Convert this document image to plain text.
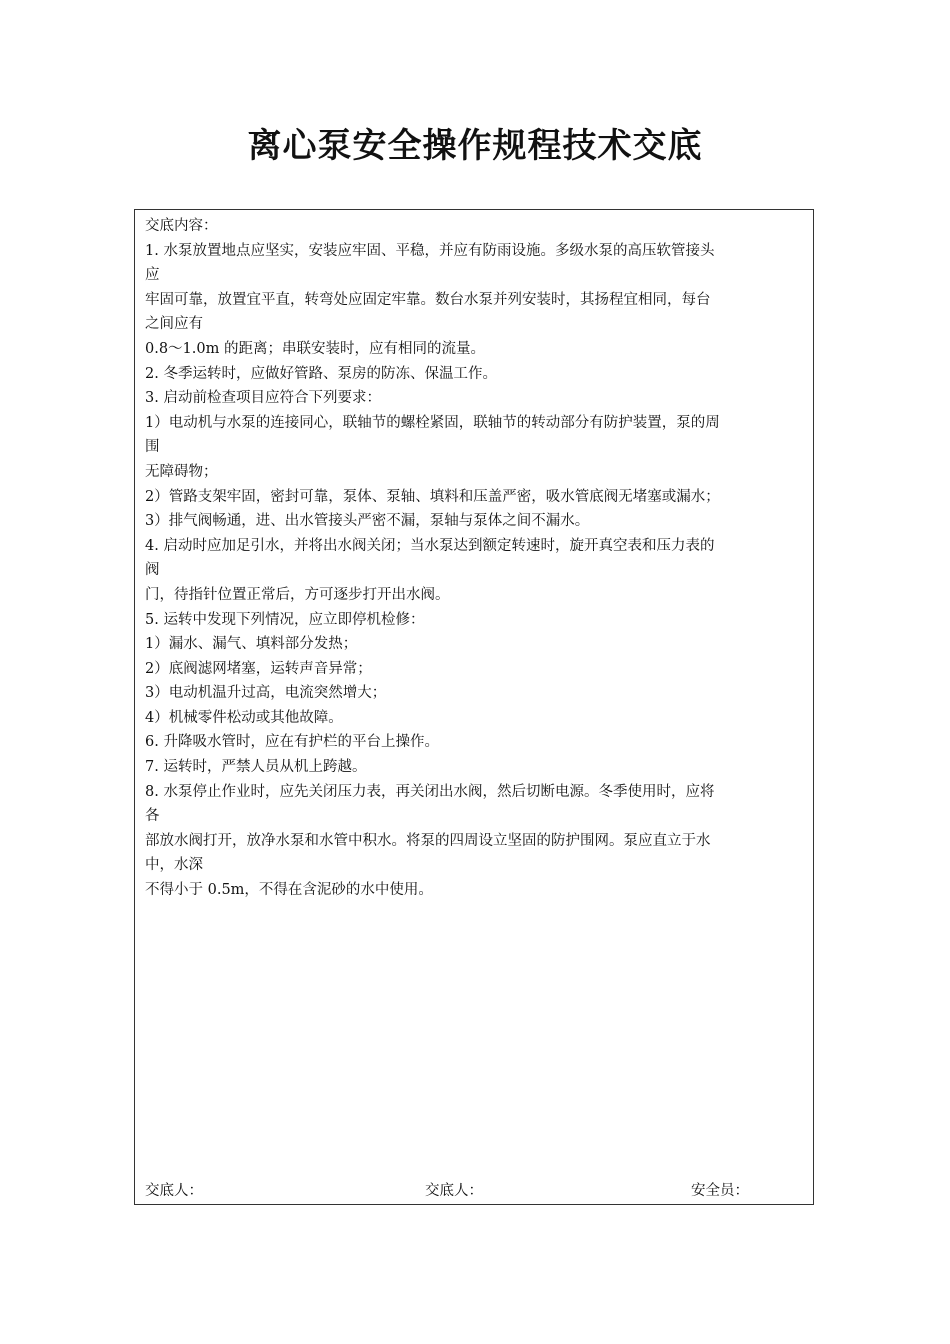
离心泵安全操作规程技术交底
交底内容：
1. 水泵放置地点应坚实，安装应牢固、平稳，并应有防雨设施。多级水泵的高压软管接头
应
牢固可靠，放置宜平直，转弯处应固定牢靠。数台水泵并列安装时，其扬程宜相同，每台
之间应有
0.8～1.0m 的距离；串联安装时，应有相同的流量。
2. 冬季运转时，应做好管路、泵房的防冻、保温工作。
3. 启动前检查项目应符合下列要求：
1）电动机与水泵的连接同心，联轴节的螺栓紧固，联轴节的转动部分有防护装置，泵的周
围
无障碍物；
2）管路支架牢固，密封可靠，泵体、泵轴、填料和压盖严密，吸水管底阀无堵塞或漏水；
3）排气阀畅通，进、出水管接头严密不漏，泵轴与泵体之间不漏水。
4. 启动时应加足引水，并将出水阀关闭；当水泵达到额定转速时，旋开真空表和压力表的
阀
门，待指针位置正常后，方可逐步打开出水阀。
5. 运转中发现下列情况，应立即停机检修：
1）漏水、漏气、填料部分发热；
2）底阀滤网堵塞，运转声音异常；
3）电动机温升过高，电流突然增大；
4）机械零件松动或其他故障。
6. 升降吸水管时，应在有护栏的平台上操作。
7. 运转时，严禁人员从机上跨越。
8. 水泵停止作业时，应先关闭压力表，再关闭出水阀，然后切断电源。冬季使用时，应将
各
部放水阀打开，放净水泵和水管中积水。将泵的四周设立坚固的防护围网。泵应直立于水
中，水深
不得小于 0.5m，不得在含泥砂的水中使用。
交底人：	交底人：	安全员：
